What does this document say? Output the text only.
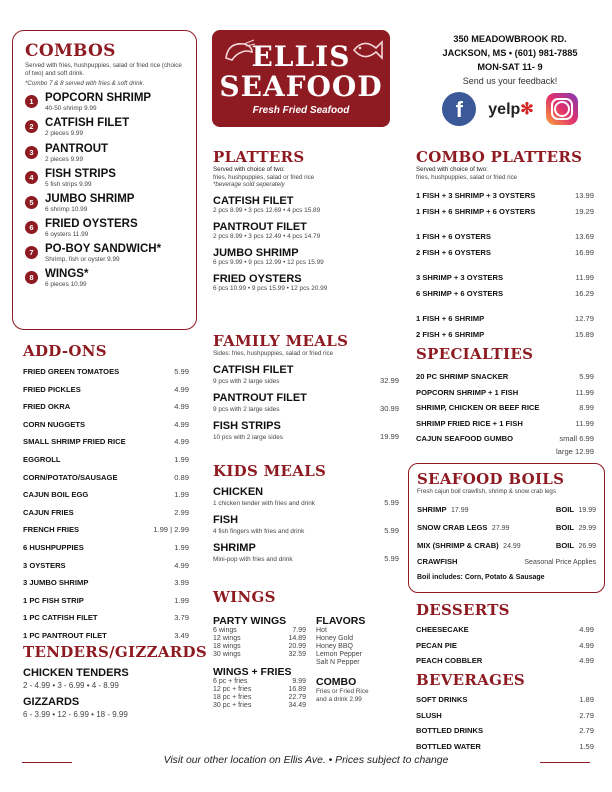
COMBOS
Served with fries, hushpuppies, salad or fried rice (choice of two) and soft drink.
*Combo 7 & 8 served with fries & soft drink.
1 POPCORN SHRIMP
40-50 shrimp 9.99
2 CATFISH FILET
2 pieces 9.99
3 PANTROUT
2 pieces 9.99
4 FISH STRIPS
5 fish strips 9.99
5 JUMBO SHRIMP
6 shrimp 10.99
6 FRIED OYSTERS
6 oysters 11.99
7 PO-BOY SANDWICH*
Shrimp, fish or oyster 9.99
8 WINGS*
6 pieces 10.99
ELLIS
SEAFOOD
Fresh Fried Seafood
350 MEADOWBROOK RD.
JACKSON, MS • (601) 981-7885
MON-SAT 11- 9
Send us your feedback!
f	yelp✻
PLATTERS
Served with choice of two:
fries, hushpuppies, salad or fried rice
*beverage sold seperately
CATFISH FILET
2 pcs 8.99 • 3 pcs 12.69 • 4 pcs 15.89
PANTROUT FILET
2 pcs 8.99 • 3 pcs 12.49 • 4 pcs 14.79
JUMBO SHRIMP
6 pcs 9.99 • 9 pcs 12.99 • 12 pcs 15.99
FRIED OYSTERS
6 pcs 10.99 • 9 pcs 15.99 • 12 pcs 20.99
FAMILY MEALS
Sides: fries, hushpuppies, salad or fried rice
CATFISH FILET
9 pcs with 2 large sides	32.99
PANTROUT FILET
9 pcs with 2 large sides	30.99
FISH STRIPS
10 pcs with 2 large sides	19.99
KIDS MEALS
CHICKEN
1 chicken tender with fries and drink	5.99
FISH
4 fish fingers with fries and drink	5.99
SHRIMP
Mini-pop with fries and drink	5.99
WINGS
PARTY WINGS
6 wings	7.99
12 wings	14.89
18 wings	20.99
30 wings	32.59
WINGS + FRIES
6 pc + fries	9.99
12 pc + fries	16.89
18 pc + fries	22.79
30 pc + fries	34.49
FLAVORS
Hot
Honey Gold
Honey BBQ
Lemon Pepper
Salt N Pepper
COMBO
Fries or Fried Rice
and a drink 2.99
ADD-ONS
FRIED GREEN TOMATOES	5.99
FRIED PICKLES	4.99
FRIED OKRA	4.99
CORN NUGGETS	4.99
SMALL SHRIMP FRIED RICE	4.99
EGGROLL	1.99
CORN/POTATO/SAUSAGE	0.89
CAJUN BOIL EGG	1.99
CAJUN FRIES	2.99
FRENCH FRIES	1.99 | 2.99
6 HUSHPUPPIES	1.99
3 OYSTERS	4.99
3 JUMBO SHRIMP	3.99
1 PC FISH STRIP	1.99
1 PC CATFISH FILET	3.79
1 PC PANTROUT FILET	3.49
TENDERS/GIZZARDS
CHICKEN TENDERS
2 - 4.99 • 3 - 6.99 • 4 - 8.99
GIZZARDS
6 - 3.99 • 12 - 6.99 • 18 - 9.99
COMBO PLATTERS
Served with choice of two:
fries, hushpuppies, salad or fried rice
1 FISH + 3 SHRIMP + 3 OYSTERS	13.99
1 FISH + 6 SHRIMP + 6 OYSTERS	19.29
1 FISH + 6 OYSTERS	13.69
2 FISH + 6 OYSTERS	16.99
3 SHRIMP + 3 OYSTERS	11.99
6 SHRIMP + 6 OYSTERS	16.29
1 FISH + 6 SHRIMP	12.79
2 FISH + 6 SHRIMP	15.89
SPECIALTIES
20 PC SHRIMP SNACKER	5.99
POPCORN SHRIMP + 1 FISH	11.99
SHRIMP, CHICKEN OR BEEF RICE	8.99
SHRIMP FRIED RICE + 1 FISH	11.99
CAJUN SEAFOOD GUMBO	small 6.99
large 12.99
SEAFOOD BOILS
Fresh cajun boil crawfish, shrimp & snow crab legs
SHRIMP 17.99	BOIL 19.99
SNOW CRAB LEGS 27.99	BOIL 29.99
MIX (SHRIMP & CRAB) 24.99	BOIL 26.99
CRAWFISH	Seasonal Price Applies
Boil includes: Corn, Potato & Sausage
DESSERTS
CHEESECAKE	4.99
PECAN PIE	4.99
PEACH COBBLER	4.99
BEVERAGES
SOFT DRINKS	1.89
SLUSH	2.79
BOTTLED DRINKS	2.79
BOTTLED WATER	1.59
Visit our other location on Ellis Ave. • Prices subject to change
